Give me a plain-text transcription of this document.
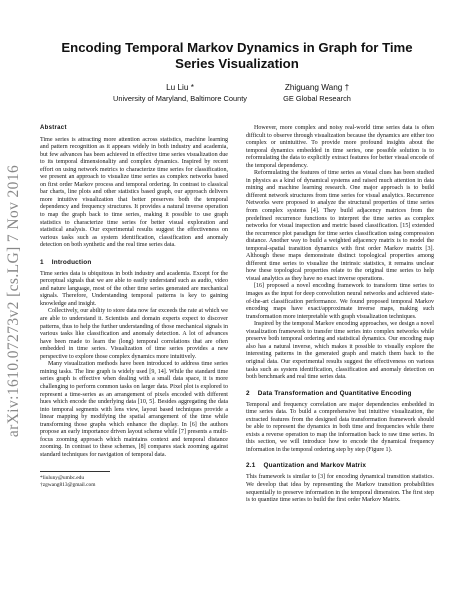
Encoding Temporal Markov Dynamics in Graph for Time Series Visualization
Lu Liu *
University of Maryland, Baltimore County
Zhiguang Wang †
GE Global Research
arXiv:1610.07273v2 [cs.LG] 7 Nov 2016
Abstract

Time series is attracting more attention across statistics, machine learning and pattern recognition as it appears widely in both industry and academia, but few advances has been achieved in effective time series visualization due to its temporal dimensionality and complex dynamics. Inspired by recent effort on using network metrics to characterize time series for classification, we present an approach to visualize time series as complex networks based on first order Markov process and temporal ordering. In contrast to classical bar charts, line plots and other statistics based graph, our approach delivers more intuitive visualization that better preserves both the temporal dependency and frequency structures. It provides a natural inverse operation to map the graph back to time series, making it possible to use graph statistics to characterize time series for better visual exploration and statistical analysis. Our experimental results suggest the effectiveness on various tasks such as system identification, classification and anomaly detection on both synthetic and the real time series data.

1 Introduction

Time series data is ubiquitous in both industry and academia. Except for the perceptual signals that we are able to easily understand such as audio, video and nature language, most of the other time series generated are mechanical signals. Therefore, Understanding temporal patterns is key to gaining knowledge and insight.

Collectively, our ability to store data now far exceeds the rate at which we are able to understand it. Scientists and domain experts expect to discover patterns, thus to help the further understanding of those mechanical signals in various tasks like classification and anomaly detection. A lot of advances have been made to learn the (long) temporal correlations that are often embedded in time series. Visualization of time series provides a new perspective to explore those complex dynamics more intuitively.

Many visualization methods have been introduced to address time series mining tasks. The line graph is widely used [9, 14]. While the standard time series graph is effective when dealing with a small data space, it is more challenging to perform common tasks on larger data. Pixel plot is explored to represent a time-series as an arrangement of pixels encoded with different hues which encode the underlying data [10, 5]. Besides aggregating the data into temporal segments with lens view, layout based techniques provide a linear mapping by modifying the spatial arrangement of the time while transforming those graphs which enhance the display. In [6] the authors propose an early importance driven layout scheme while [7] presents a multi-focus zooming approach which maintains context and temporal distance zooming. In contrast to these schemes, [8] compares stack zooming against standard techniques for navigation of temporal data.

*liuluny@umbc.edu
†zgwang813@gmail.com

However, more complex and noisy real-world time series data is often difficult to observe through visualization because the dynamics are either too complex or unintuitive. To provide more profound insights about the temporal dynamics embedded in time series, one possible solution is to reformulating the data to explicitly extract features for better visual encode of the temporal dependency.

Reformulating the features of time series as visual clues has been studied in physics as a kind of dynamical systems and raised much attention in data mining and machine learning research. One major approach is to build different network structures from time series for visual analytics. Recurrence Networks were proposed to analyze the structural properties of time series from complex systems [4]. They build adjacency matrices from the predefined recurrence functions to interpret the time series as complex networks for visual inspection and metric based classification. [15] extended the recurrence plot paradigm for time series classification using compression distance. Another way to build a weighted adjacency matrix is to model the temporal-spatial transition dynamics with first order Markov matrix [3]. Although these maps demonstrate distinct topological properties among different time series to visualize the intrinsic statistics, it remains unclear how these topological properties relate to the original time series to help visual analytics as they have no exact inverse operations.

[16] proposed a novel encoding framework to transform time series to images as the input for deep convolution neural networks and achieved state-of-the-art classification performance. We found proposed temporal Markov encoding maps have exact/approximate inverse maps, making such transformation more interpretable with graph visualization techniques.

Inspired by the temporal Markov encoding approaches, we design a novel visualization framework to transfer time series into complex networks while preserve both temporal ordering and statistical dynamics. Our encoding map also has a natural inverse, which makes it possible to visually explore the interesting patterns in the generated graph and match them back to the original data. Our experimental results suggest the effectiveness on various tasks such as system identification, classification and anomaly detection on both benchmark and real time series data.

2 Data Transformation and Quantitative Encoding

Temporal and frequency correlation are major dependencies embedded in time series data. To build a comprehensive but intuitive visualization, the extracted features from the designed data transformation framework should be able to represent the dynamics in both time and frequencies while there exists a reverse operation to map the information back to raw time series. In this section, we will introduce how to encode the dynamical frequency information in the temporal ordering step by step (Figure 1).

2.1 Quantization and Markov Matrix

This framework is similar to [3] for encoding dynamical transition statistics. We develop that idea by representing the Markov transition probabilities sequentially to preserve information in the temporal dimension. The first step is to quantize time series to build the first order Markov Matrix.
